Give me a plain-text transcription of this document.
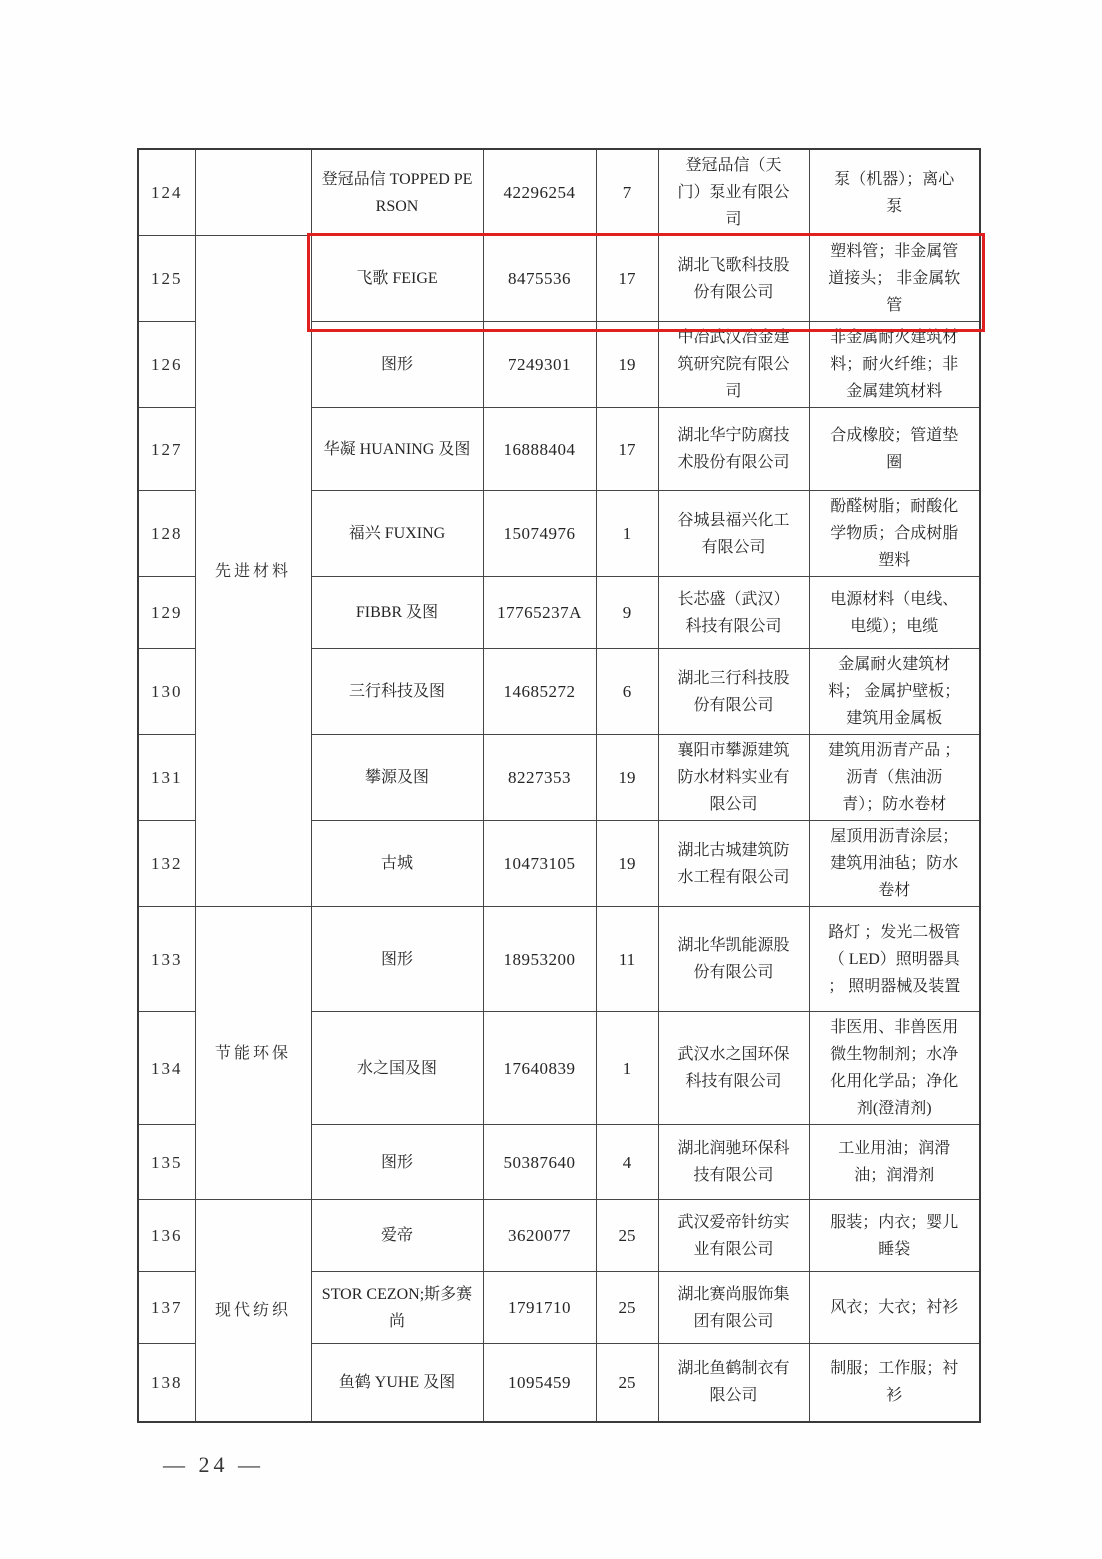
124		登冠品信 TOPPED PERSON	42296254	7	登冠品信（天门）泵业有限公司	泵（机器）；离心泵
125	先进材料	飞歌 FEIGE	8475536	17	湖北飞歌科技股份有限公司	塑料管；非金属管道接头； 非金属软管
126		图形	7249301	19	中冶武汉冶金建筑研究院有限公司	非金属耐火建筑材料；耐火纤维；非金属建筑材料
127		华凝 HUANING 及图	16888404	17	湖北华宁防腐技术股份有限公司	合成橡胶；管道垫圈
128		福兴 FUXING	15074976	1	谷城县福兴化工有限公司	酚醛树脂；耐酸化学物质；合成树脂塑料
129		FIBBR 及图	17765237A	9	长芯盛（武汉）科技有限公司	电源材料（电线、电缆）；电缆
130		三行科技及图	14685272	6	湖北三行科技股份有限公司	金属耐火建筑材料； 金属护壁板；建筑用金属板
131		攀源及图	8227353	19	襄阳市攀源建筑防水材料实业有限公司	建筑用沥青产品 ；沥青（焦油沥青）；防水卷材
132		古城	10473105	19	湖北古城建筑防水工程有限公司	屋顶用沥青涂层；建筑用油毡；防水卷材
133	节能环保	图形	18953200	11	湖北华凯能源股份有限公司	路灯 ；发光二极管（ LED）照明器具 ； 照明器械及装置
134		水之国及图	17640839	1	武汉水之国环保科技有限公司	非医用、非兽医用微生物制剂；水净化用化学品；净化剂(澄清剂)
135		图形	50387640	4	湖北润驰环保科技有限公司	工业用油；润滑油；润滑剂
136	现代纺织	爱帝	3620077	25	武汉爱帝针纺实业有限公司	服装；内衣；婴儿睡袋
137		STOR CEZON;斯多赛尚	1791710	25	湖北赛尚服饰集团有限公司	风衣；大衣；衬衫
138		鱼鹤 YUHE 及图	1095459	25	湖北鱼鹤制衣有限公司	制服；工作服；衬衫
— 24 —
